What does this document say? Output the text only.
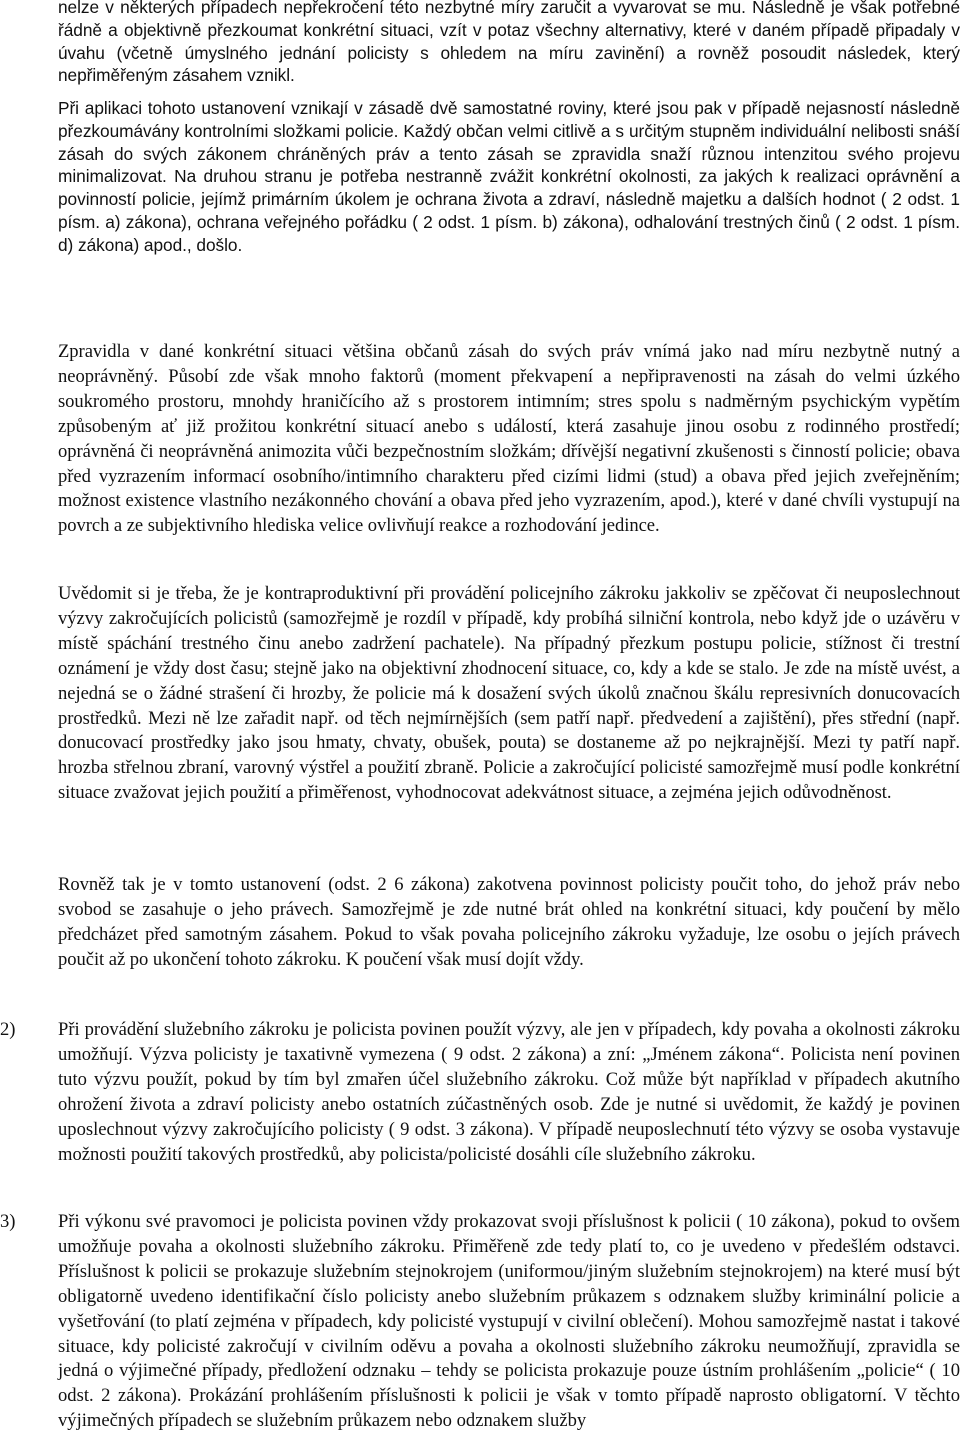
nelze v některých případech nepřekročení této nezbytné míry zaručit a vyvarovat se mu. Následně je však potřebné řádně a objektivně přezkoumat konkrétní situaci, vzít v potaz všechny alternativy, které v daném případě připadaly v úvahu (včetně úmyslného jednání policisty s ohledem na míru zavinění) a rovněž posoudit následek, který nepřiměřeným zásahem vznikl.

Při aplikaci tohoto ustanovení vznikají v zásadě dvě samostatné roviny, které jsou pak v případě nejasností následně přezkoumávány kontrolními složkami policie. Každý občan velmi citlivě a s určitým stupněm individuální nelibosti snáší zásah do svých zákonem chráněných práv a tento zásah se zpravidla snaží různou intenzitou svého projevu minimalizovat. Na druhou stranu je potřeba nestranně zvážit konkrétní okolnosti, za jakých k realizaci oprávnění a povinností policie, jejímž primárním úkolem je ochrana života a zdraví, následně majetku a dalších hodnot ( 2 odst. 1 písm. a) zákona), ochrana veřejného pořádku ( 2 odst. 1 písm. b) zákona), odhalování trestných činů ( 2 odst. 1 písm. d) zákona) apod., došlo.

Zpravidla v dané konkrétní situaci většina občanů zásah do svých práv vnímá jako nad míru nezbytně nutný a neoprávněný. Působí zde však mnoho faktorů (moment překvapení a nepřipravenosti na zásah do velmi úzkého soukromého prostoru, mnohdy hraničícího až s prostorem intimním; stres spolu s nadměrným psychickým vypětím způsobeným ať již prožitou konkrétní situací anebo s událostí, která zasahuje jinou osobu z rodinného prostředí; oprávněná či neoprávněná animozita vůči bezpečnostním složkám; dřívější negativní zkušenosti s činností policie; obava před vyzrazením informací osobního/intimního charakteru před cizími lidmi (stud) a obava před jejich zveřejněním; možnost existence vlastního nezákonného chování a obava před jeho vyzrazením, apod.), které v dané chvíli vystupují na povrch a ze subjektivního hlediska velice ovlivňují reakce a rozhodování jedince.

Uvědomit si je třeba, že je kontraproduktivní při provádění policejního zákroku jakkoliv se zpěčovat či neuposlechnout výzvy zakročujících policistů (samozřejmě je rozdíl v případě, kdy probíhá silniční kontrola, nebo když jde o uzávěru v místě spáchání trestného činu anebo zadržení pachatele). Na případný přezkum postupu policie, stížnost či trestní oznámení je vždy dost času; stejně jako na objektivní zhodnocení situace, co, kdy a kde se stalo. Je zde na místě uvést, a nejedná se o žádné strašení či hrozby, že policie má k dosažení svých úkolů značnou škálu represivních donucovacích prostředků. Mezi ně lze zařadit např. od těch nejmírnějších (sem patří např. předvedení a zajištění), přes střední (např. donucovací prostředky jako jsou hmaty, chvaty, obušek, pouta) se dostaneme až po nejkrajnější. Mezi ty patří např. hrozba střelnou zbraní, varovný výstřel a použití zbraně. Policie a zakročující policisté samozřejmě musí podle konkrétní situace zvažovat jejich použití a přiměřenost, vyhodnocovat adekvátnost situace, a zejména jejich odůvodněnost.

Rovněž tak je v tomto ustanovení (odst. 2 6 zákona) zakotvena povinnost policisty poučit toho, do jehož práv nebo svobod se zasahuje o jeho právech. Samozřejmě je zde nutné brát ohled na konkrétní situaci, kdy poučení by mělo předcházet před samotným zásahem. Pokud to však povaha policejního zákroku vyžaduje, lze osobu o jejích právech poučit až po ukončení tohoto zákroku. K poučení však musí dojít vždy.

2) Při provádění služebního zákroku je policista povinen použít výzvy, ale jen v případech, kdy povaha a okolnosti zákroku umožňují. Výzva policisty je taxativně vymezena ( 9 odst. 2 zákona) a zní: „Jménem zákona“. Policista není povinen tuto výzvu použít, pokud by tím byl zmařen účel služebního zákroku. Což může být například v případech akutního ohrožení života a zdraví policisty anebo ostatních zúčastněných osob. Zde je nutné si uvědomit, že každý je povinen uposlechnout výzvy zakročujícího policisty ( 9 odst. 3 zákona). V případě neuposlechnutí této výzvy se osoba vystavuje možnosti použití takových prostředků, aby policista/policisté dosáhli cíle služebního zákroku.
3) Při výkonu své pravomoci je policista povinen vždy prokazovat svoji příslušnost k policii ( 10 zákona), pokud to ovšem umožňuje povaha a okolnosti služebního zákroku. Přiměřeně zde tedy platí to, co je uvedeno v předešlém odstavci. Příslušnost k policii se prokazuje služebním stejnokrojem (uniformou/jiným služebním stejnokrojem) na které musí být obligatorně uvedeno identifikační číslo policisty anebo služebním průkazem s odznakem služby kriminální policie a vyšetřování (to platí zejména v případech, kdy policisté vystupují v civilní oblečení). Mohou samozřejmě nastat i takové situace, kdy policisté zakročují v civilním oděvu a povaha a okolnosti služebního zákroku neumožňují, zpravidla se jedná o výjimečné případy, předložení odznaku – tehdy se policista prokazuje pouze ústním prohlášením „policie“ ( 10 odst. 2 zákona). Prokázání prohlášením příslušnosti k policii je však v tomto případě naprosto obligatorní. V těchto výjimečných případech se služebním průkazem nebo odznakem služby
